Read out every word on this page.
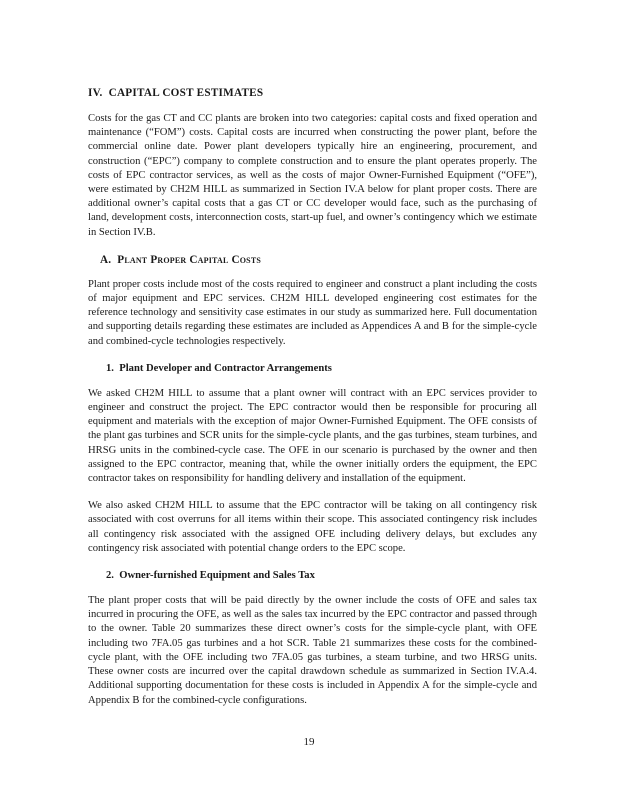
IV. CAPITAL COST ESTIMATES

Costs for the gas CT and CC plants are broken into two categories: capital costs and fixed operation and maintenance (“FOM”) costs. Capital costs are incurred when constructing the power plant, before the commercial online date. Power plant developers typically hire an engineering, procurement, and construction (“EPC”) company to complete construction and to ensure the plant operates properly. The costs of EPC contractor services, as well as the costs of major Owner-Furnished Equipment (“OFE”), were estimated by CH2M HILL as summarized in Section IV.A below for plant proper costs. There are additional owner’s capital costs that a gas CT or CC developer would face, such as the purchasing of land, development costs, interconnection costs, start-up fuel, and owner’s contingency which we estimate in Section IV.B.

A. Plant Proper Capital Costs

Plant proper costs include most of the costs required to engineer and construct a plant including the costs of major equipment and EPC services. CH2M HILL developed engineering cost estimates for the reference technology and sensitivity case estimates in our study as summarized here. Full documentation and supporting details regarding these estimates are included as Appendices A and B for the simple-cycle and combined-cycle technologies respectively.

1. Plant Developer and Contractor Arrangements

We asked CH2M HILL to assume that a plant owner will contract with an EPC services provider to engineer and construct the project. The EPC contractor would then be responsible for procuring all equipment and materials with the exception of major Owner-Furnished Equipment. The OFE consists of the plant gas turbines and SCR units for the simple-cycle plants, and the gas turbines, steam turbines, and HRSG units in the combined-cycle case. The OFE in our scenario is purchased by the owner and then assigned to the EPC contractor, meaning that, while the owner initially orders the equipment, the EPC contractor takes on responsibility for handling delivery and installation of the equipment.

We also asked CH2M HILL to assume that the EPC contractor will be taking on all contingency risk associated with cost overruns for all items within their scope. This associated contingency risk includes all contingency risk associated with the assigned OFE including delivery delays, but excludes any contingency risk associated with potential change orders to the EPC scope.

2. Owner-furnished Equipment and Sales Tax

The plant proper costs that will be paid directly by the owner include the costs of OFE and sales tax incurred in procuring the OFE, as well as the sales tax incurred by the EPC contractor and passed through to the owner. Table 20 summarizes these direct owner’s costs for the simple-cycle plant, with OFE including two 7FA.05 gas turbines and a hot SCR. Table 21 summarizes these costs for the combined-cycle plant, with the OFE including two 7FA.05 gas turbines, a steam turbine, and two HRSG units. These owner costs are incurred over the capital drawdown schedule as summarized in Section IV.A.4. Additional supporting documentation for these costs is included in Appendix A for the simple-cycle and Appendix B for the combined-cycle configurations.

19
